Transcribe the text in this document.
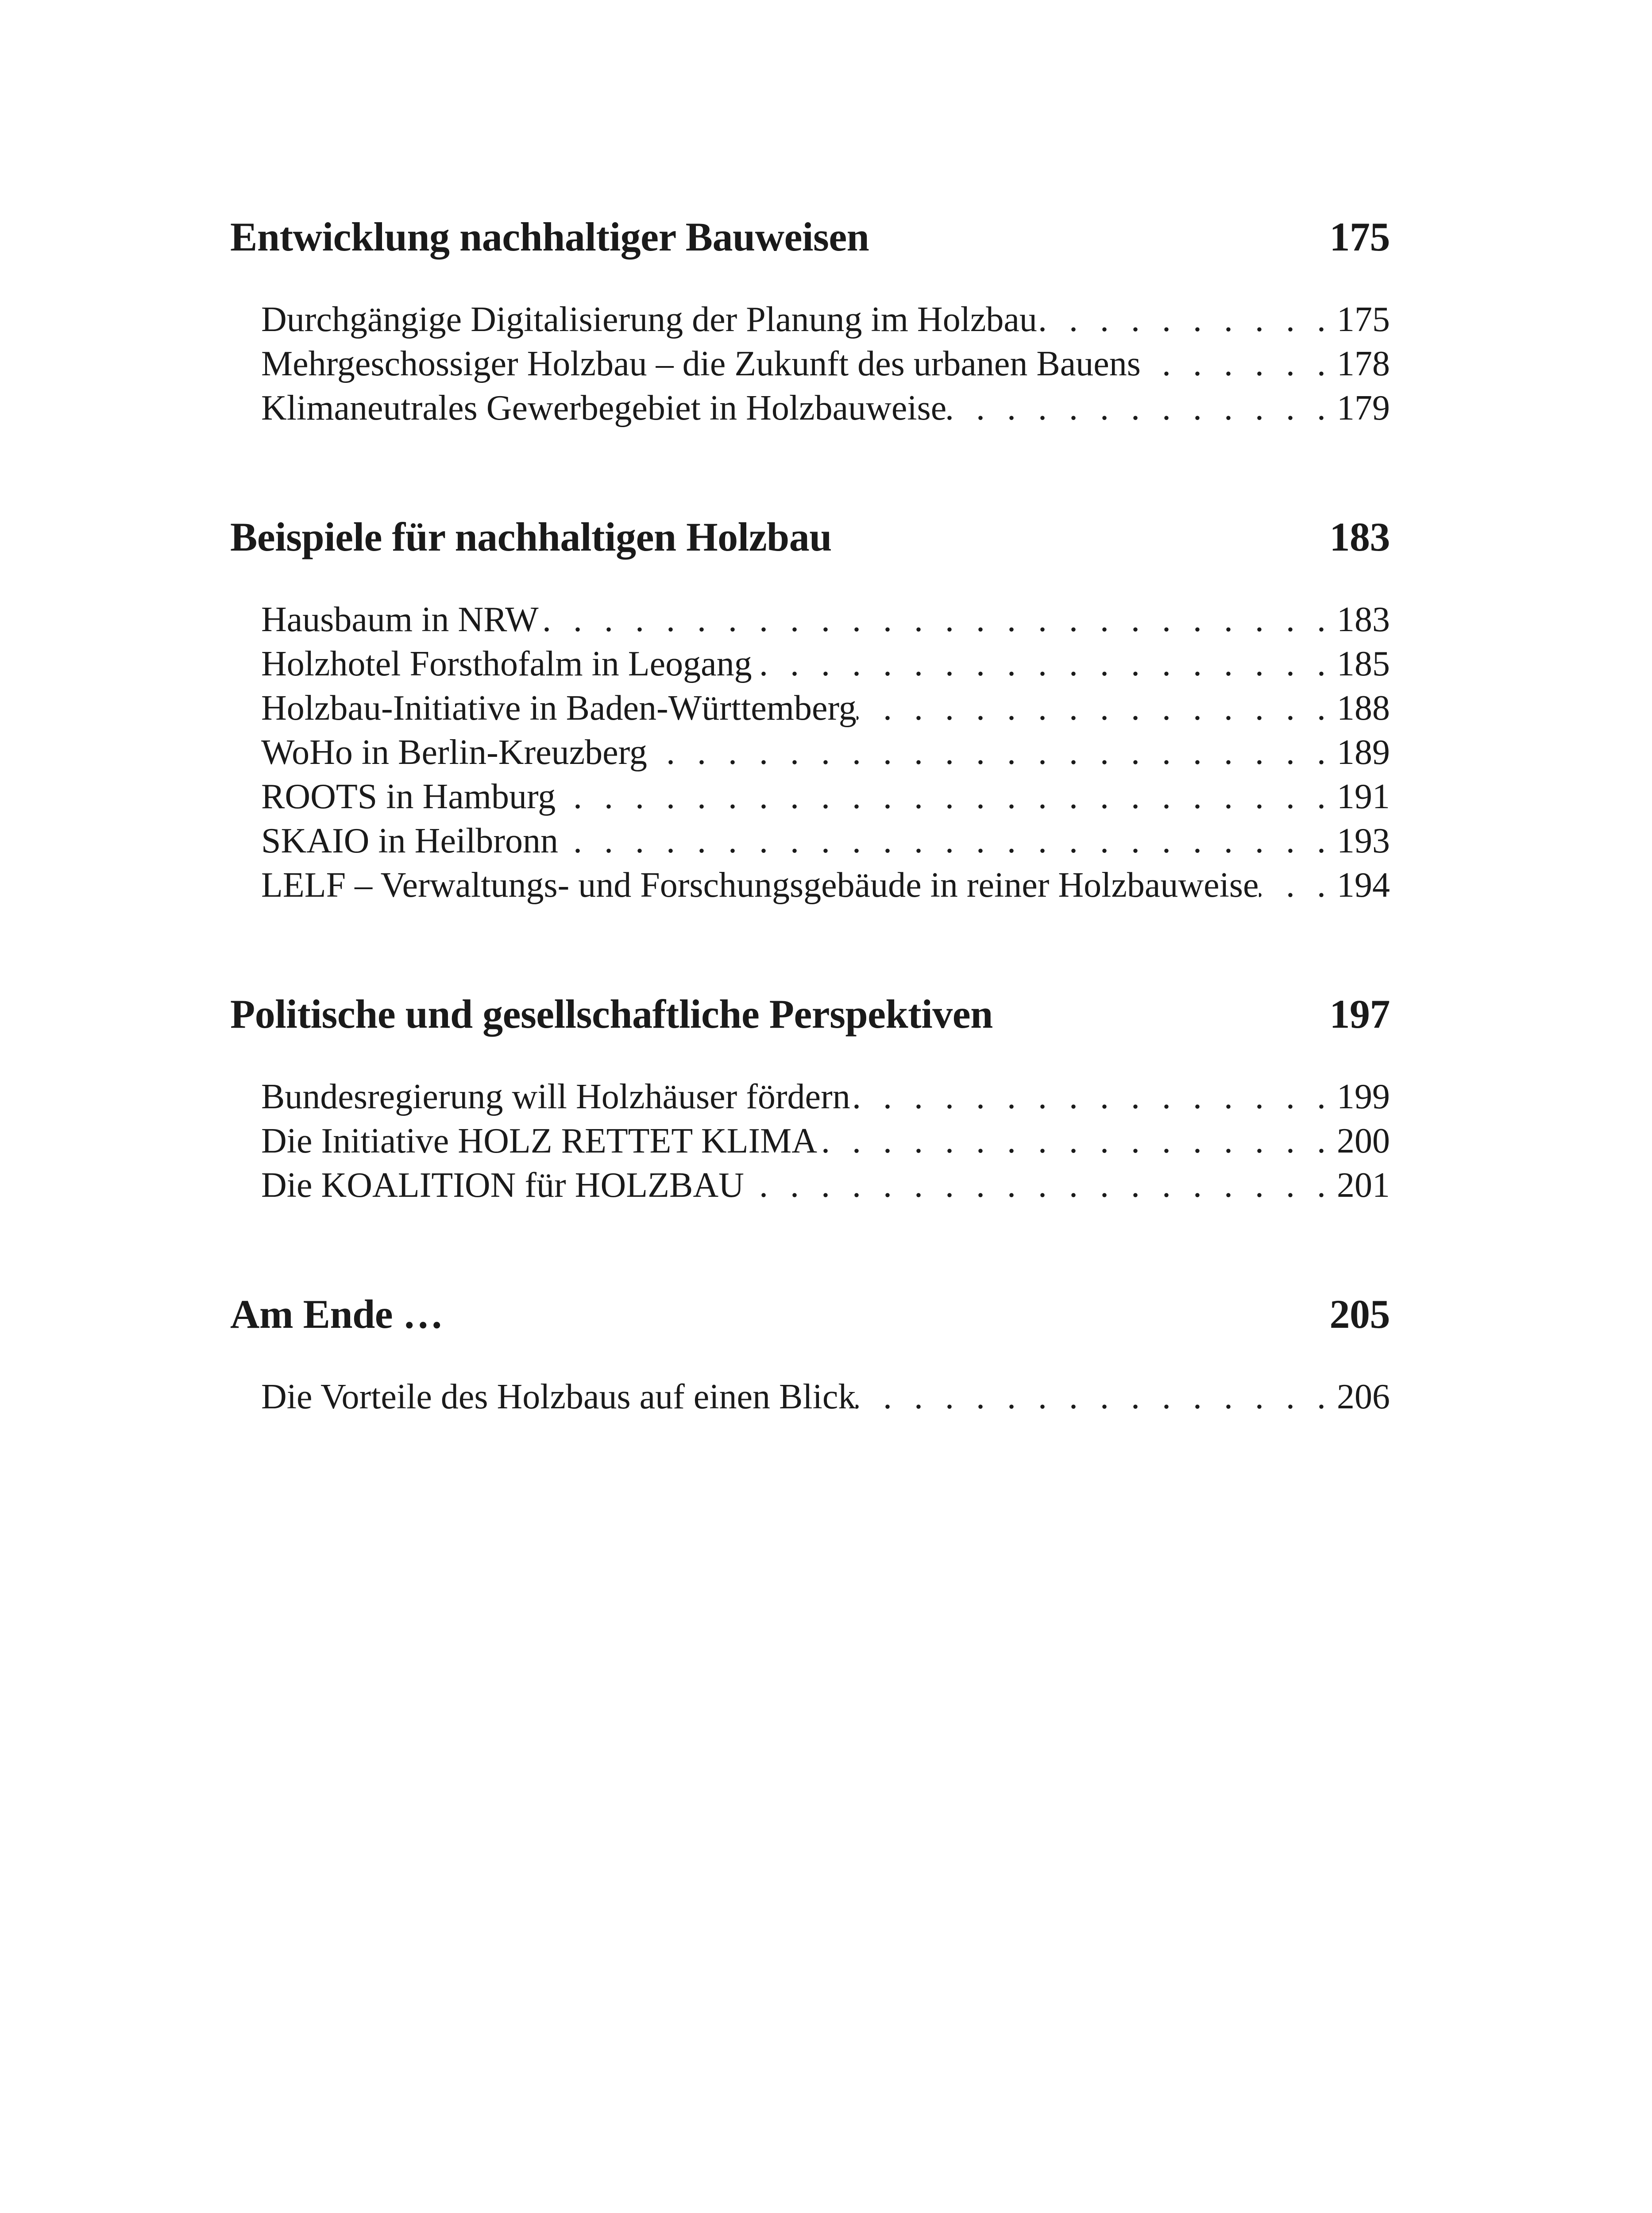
Entwicklung nachhaltiger Bauweisen	175
Durchgängige Digitalisierung der Planung im Holzbau . . .	175
Mehrgeschossiger Holzbau – die Zukunft des urbanen Bauens . . .	178
Klimaneutrales Gewerbegebiet in Holzbauweise . . .	179
Beispiele für nachhaltigen Holzbau	183
Hausbaum in NRW . . .	183
Holzhotel Forsthofalm in Leogang . . .	185
Holzbau-Initiative in Baden-Württemberg . . .	188
WoHo in Berlin-Kreuzberg . . .	189
ROOTS in Hamburg . . .	191
SKAIO in Heilbronn . . .	193
LELF – Verwaltungs- und Forschungsgebäude in reiner Holzbauweise . . . 194
Politische und gesellschaftliche Perspektiven	197
Bundesregierung will Holzhäuser fördern . . .	199
Die Initiative HOLZ RETTET KLIMA . . .	200
Die KOALITION für HOLZBAU . . .	201
Am Ende …	205
Die Vorteile des Holzbaus auf einen Blick . . .	206
